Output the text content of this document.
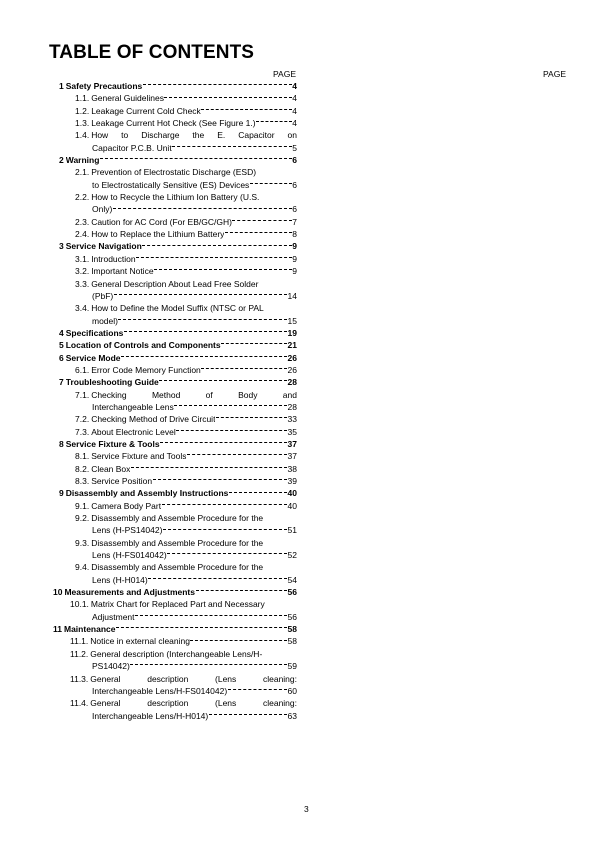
TABLE OF CONTENTS
PAGE	PAGE
1 Safety Precautions	4
1.1. General Guidelines	4
1.2. Leakage Current Cold Check	4
1.3. Leakage Current Hot Check (See Figure 1.)	4
1.4. How to Discharge the E. Capacitor on
Capacitor P.C.B. Unit	5
2 Warning	6
2.1. Prevention of Electrostatic Discharge (ESD)
to Electrostatically Sensitive (ES) Devices	6
2.2. How to Recycle the Lithium Ion Battery (U.S.
Only)	6
2.3. Caution for AC Cord (For EB/GC/GH)	7
2.4. How to Replace the Lithium Battery	8
3 Service Navigation	9
3.1. Introduction	9
3.2. Important Notice	9
3.3. General Description About Lead Free Solder
(PbF)	14
3.4. How to Define the Model Suffix (NTSC or PAL
model)	15
4 Specifications	19
5 Location of Controls and Components	21
6 Service Mode	26
6.1. Error Code Memory Function	26
7 Troubleshooting Guide	28
7.1. Checking Method of Body and
Interchangeable Lens	28
7.2. Checking Method of Drive Circuit	33
7.3. About Electronic Level	35
8 Service Fixture & Tools	37
8.1. Service Fixture and Tools	37
8.2. Clean Box	38
8.3. Service Position	39
9 Disassembly and Assembly Instructions	40
9.1. Camera Body Part	40
9.2. Disassembly and Assemble Procedure for the
Lens (H-PS14042)	51
9.3. Disassembly and Assemble Procedure for the
Lens (H-FS014042)	52
9.4. Disassembly and Assemble Procedure for the
Lens (H-H014)	54
10 Measurements and Adjustments	56
10.1. Matrix Chart for Replaced Part and Necessary
Adjustment	56
11 Maintenance	58
11.1. Notice in external cleaning	58
11.2. General description (Interchangeable Lens/H-
PS14042)	59
11.3. General description (Lens cleaning:
Interchangeable Lens/H-FS014042)	60
11.4. General description (Lens cleaning:
Interchangeable Lens/H-H014)	63
3
